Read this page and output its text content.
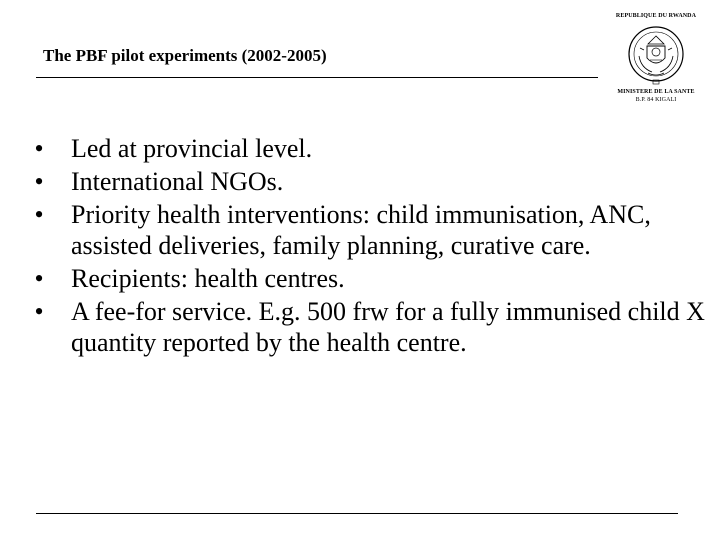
The PBF pilot experiments (2002-2005)
REPUBLIQUE DU RWANDA
MINISTERE DE LA SANTE
B.P. 84 KIGALI
• Led at provincial level.
• International NGOs.
• Priority health interventions: child immunisation, ANC, assisted deliveries, family planning, curative care.
• Recipients: health centres.
• A fee-for service. E.g. 500 frw for a fully immunised child X quantity reported by the health centre.
